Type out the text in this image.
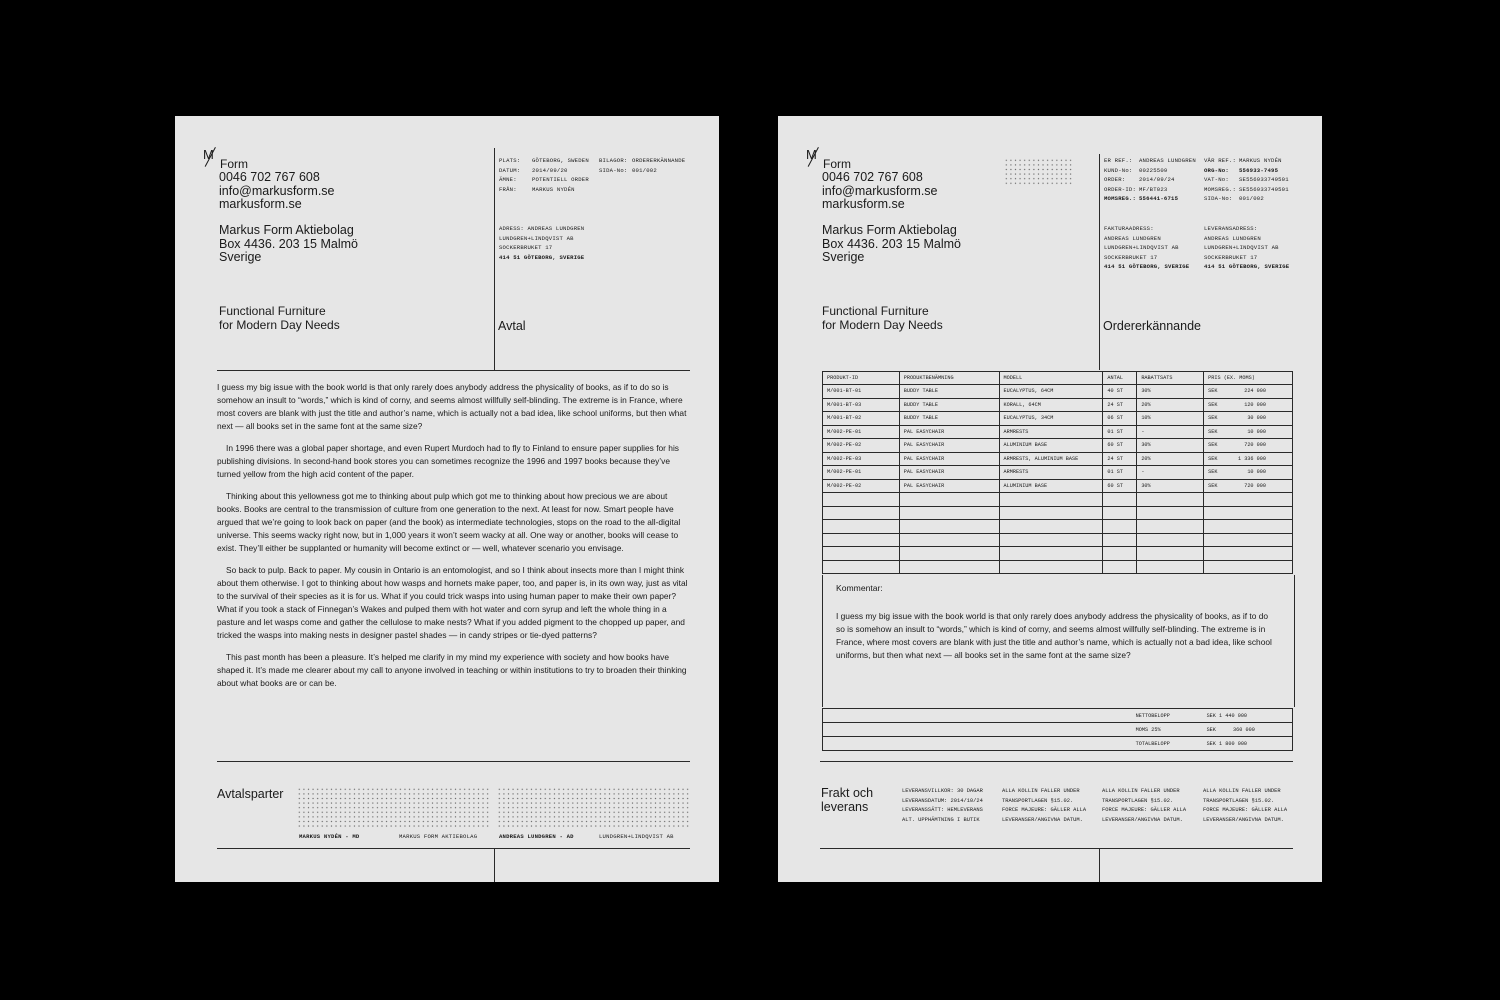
M
Form
0046 702 767 608
info@markusform.se
markusform.se
Markus Form Aktiebolag
Box 4436. 203 15 Malmö
Sverige
Functional Furniture
for Modern Day Needs
PLATS: GÖTEBORG, SWEDEN
DATUM: 2014/09/20
ÄMNE:	POTENTIELL ORDER
FRÅN:	MARKUS NYDÉN
BILAGOR: ORDERERKÄNNANDE
SIDA-No: 001/002
ADRESS: ANDREAS LUNDGREN
LUNDGREN+LINDQVIST AB
SOCKERBRUKET 17
414 51 GÖTEBORG, SVERIGE
Avtal

I guess my big issue with the book world is that only rarely does anybody address the physicality of books, as if to do so is somehow an insult to “words,” which is kind of corny, and seems almost willfully self-blinding. The extreme is in France, where most covers are blank with just the title and author’s name, which is actually not a bad idea, like school uniforms, but then what next — all books set in the same font at the same size?

In 1996 there was a global paper shortage, and even Rupert Murdoch had to fly to Finland to ensure paper supplies for his publishing divisions. In second-hand book stores you can sometimes recognize the 1996 and 1997 books because they’ve turned yellow from the high acid content of the paper.

Thinking about this yellowness got me to thinking about pulp which got me to thinking about how precious we are about books. Books are central to the transmission of culture from one generation to the next. At least for now. Smart people have argued that we’re going to look back on paper (and the book) as intermediate technologies, stops on the road to the all-digital universe. This seems wacky right now, but in 1,000 years it won’t seem wacky at all. One way or another, books will cease to exist. They’ll either be supplanted or humanity will become extinct or — well, whatever scenario you envisage.

So back to pulp. Back to paper. My cousin in Ontario is an entomologist, and so I think about insects more than I might think about them otherwise. I got to thinking about how wasps and hornets make paper, too, and paper is, in its own way, just as vital to the survival of their species as it is for us. What if you could trick wasps into using human paper to make their own paper? What if you took a stack of Finnegan’s Wakes and pulped them with hot water and corn syrup and left the whole thing in a pasture and let wasps come and gather the cellulose to make nests? What if you added pigment to the chopped up paper, and tricked the wasps into making nests in designer pastel shades — in candy stripes or tie-dyed patterns?

This past month has been a pleasure. It’s helped me clarify in my mind my experience with society and how books have shaped it. It’s made me clearer about my call to anyone involved in teaching or within institutions to try to broaden their thinking about what books are or can be.

Avtalsparter
MARKUS NYDÉN - MD	MARKUS FORM AKTIEBOLAG	ANDREAS LUNDGREN - AD	LUNDGREN+LINDQVIST AB
M
Form
0046 702 767 608
info@markusform.se
markusform.se
Markus Form Aktiebolag
Box 4436. 203 15 Malmö
Sverige
Functional Furniture
for Modern Day Needs
ER REF.: ANDREAS LUNDGREN
KUND-No: 00225509
ORDER: 2014/09/24
ORDER-ID: MF/BT023
MOMSREG.: 556441-6715
VÅR REF.: MARKUS NYDÉN
ORG-No: 556933-7495
VAT-No: SE556933749501
MOMSREG.: SE556933749501
SIDA-No: 001/002
FAKTURAADRESS:
ANDREAS LUNDGREN
LUNDGREN+LINDQVIST AB
SOCKERBRUKET 17
414 51 GÖTEBORG, SVERIGE
LEVERANSADRESS:
ANDREAS LUNDGREN
LUNDGREN+LINDQVIST AB
SOCKERBRUKET 17
414 51 GÖTEBORG, SVERIGE
Ordererkännande
PRODUKT-ID	PRODUKTBENÄMNING	MODELL	ANTAL	RABATTSATS	PRIS (EX. MOMS)
M/001-BT-01	BUDDY TABLE	EUCALYPTUS, 64CM	40 ST	30%	SEK 224 000

M/001-BT-03	BUDDY TABLE	KORALL, 64CM	24 ST	20%	SEK 120 000

M/001-BT-02	BUDDY TABLE	EUCALYPTUS, 34CM	06 ST	10%	SEK 30 000

M/002-PE-01	PAL EASYCHAIR	ARMRESTS	01 ST	-	SEK 10 000

M/002-PE-02	PAL EASYCHAIR	ALUMINIUM BASE	60 ST	30%	SEK 720 000

M/002-PE-03	PAL EASYCHAIR	ARMRESTS, ALUMINIUM BASE	24 ST	20%	SEK 1 336 000

M/002-PE-01	PAL EASYCHAIR	ARMRESTS	01 ST	-	SEK 10 000

M/002-PE-02	PAL EASYCHAIR	ALUMINIUM BASE	60 ST	30%	SEK 720 000

Kommentar:
I guess my big issue with the book world is that only rarely does anybody address the physicality of books, as if to do so is somehow an insult to “words,” which is kind of corny, and seems almost willfully self-blinding. The extreme is in France, where most covers are blank with just the title and author’s name, which is actually not a bad idea, like school uniforms, but then what next — all books set in the same font at the same size?
	NETTOBELOPP	SEK 1 440 000
	MOMS 25%	SEK 360 000
	TOTALBELOPP	SEK 1 800 000
Frakt och
leverans
LEVERANSVILLKOR: 30 DAGAR
LEVERANSDATUM: 2014/10/24
LEVERANSSÄTT: HEMLEVERANS
ALT. UPPHÄMTNING I BUTIK
ALLA KOLLIN FALLER UNDER
TRANSPORTLAGEN §15.02.
FORCE MAJEURE: GÄLLER ALLA
LEVERANSER/ANGIVNA DATUM.
ALLA KOLLIN FALLER UNDER
TRANSPORTLAGEN §15.02.
FORCE MAJEURE: GÄLLER ALLA
LEVERANSER/ANGIVNA DATUM.
ALLA KOLLIN FALLER UNDER
TRANSPORTLAGEN §15.02.
FORCE MAJEURE: GÄLLER ALLA
LEVERANSER/ANGIVNA DATUM.
